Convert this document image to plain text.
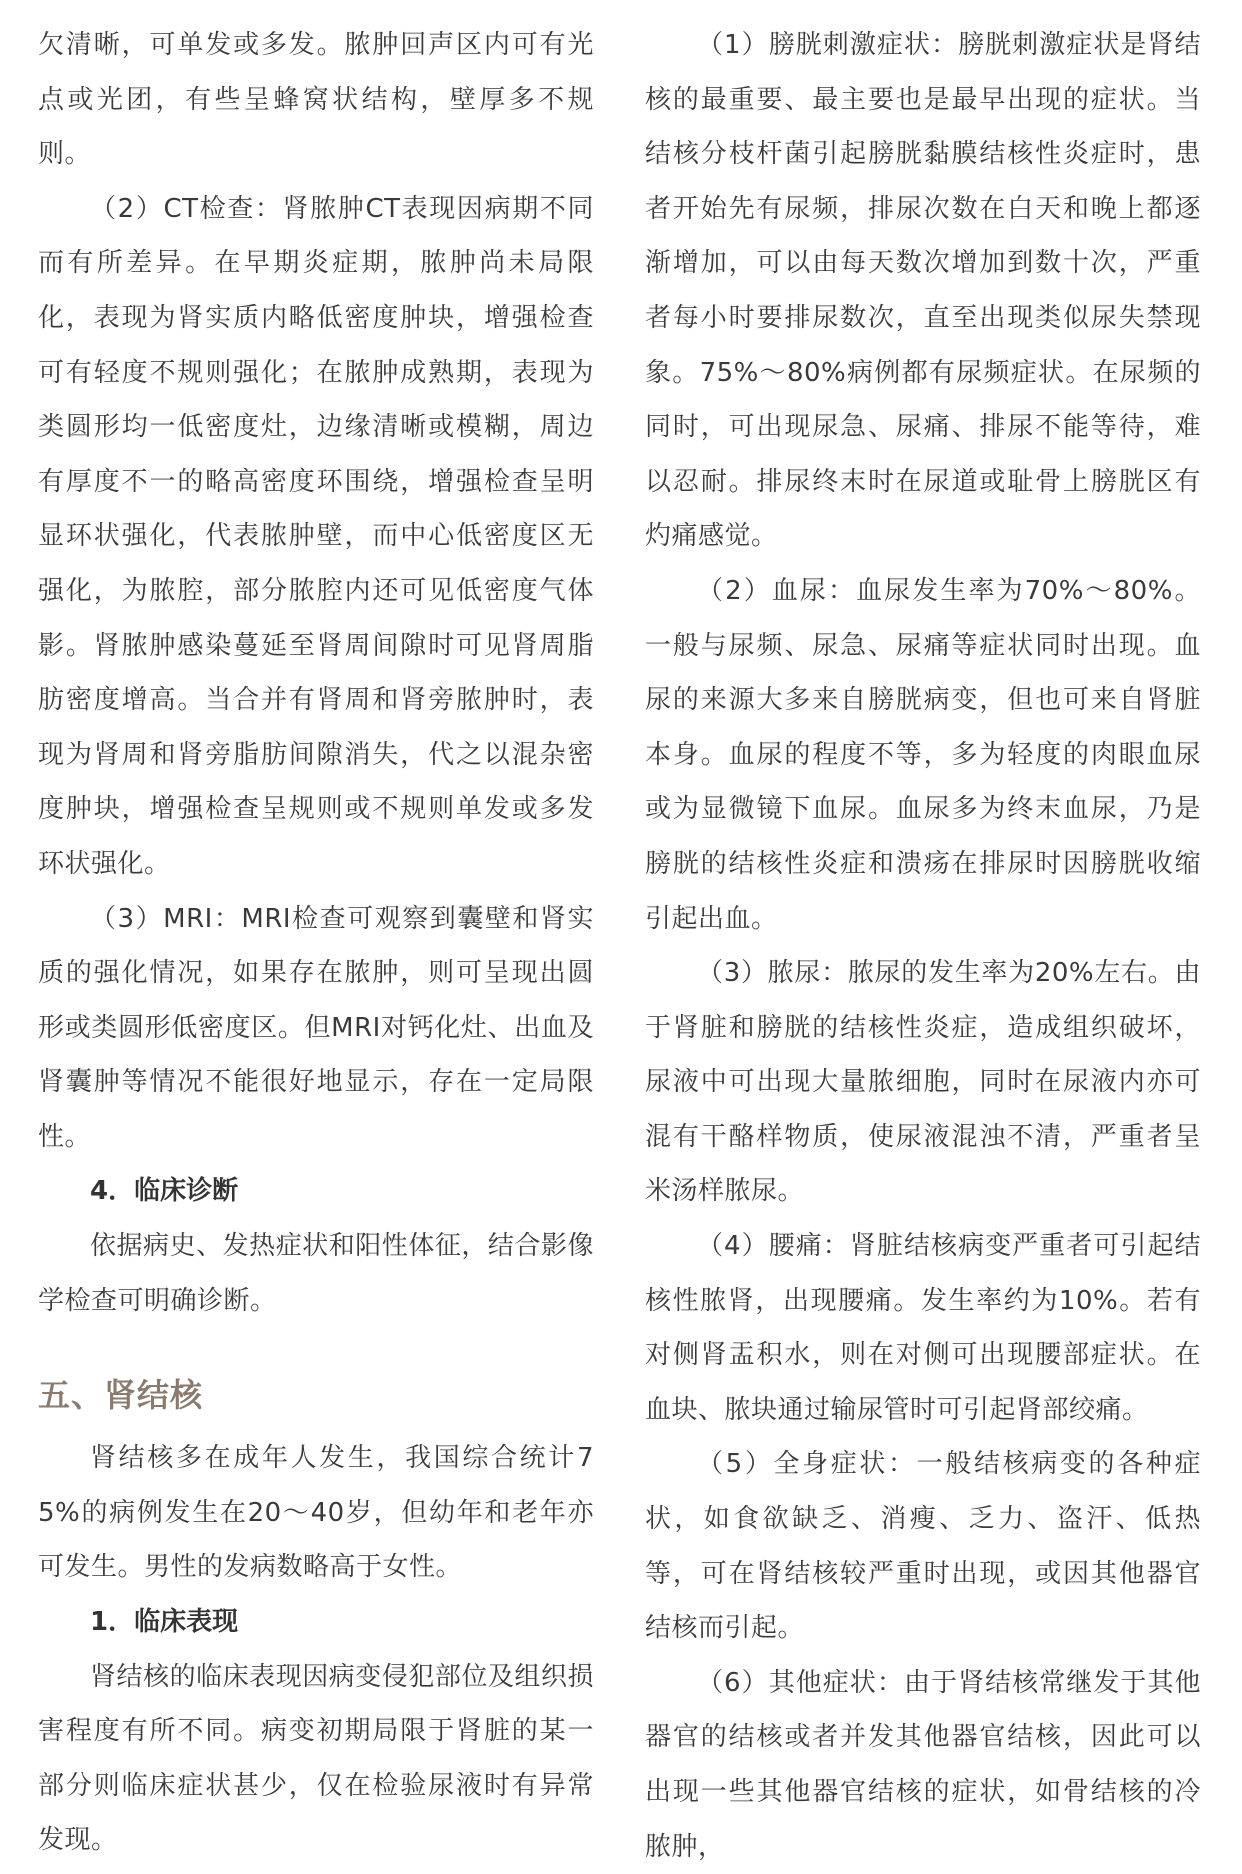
欠清晰，可单发或多发。脓肿回声区内可有光点或光团，有些呈蜂窝状结构，壁厚多不规则。

（2）CT检查：肾脓肿CT表现因病期不同而有所差异。在早期炎症期，脓肿尚未局限化，表现为肾实质内略低密度肿块，增强检查可有轻度不规则强化；在脓肿成熟期，表现为类圆形均一低密度灶，边缘清晰或模糊，周边有厚度不一的略高密度环围绕，增强检查呈明显环状强化，代表脓肿壁，而中心低密度区无强化，为脓腔，部分脓腔内还可见低密度气体影。肾脓肿感染蔓延至肾周间隙时可见肾周脂肪密度增高。当合并有肾周和肾旁脓肿时，表现为肾周和肾旁脂肪间隙消失，代之以混杂密度肿块，增强检查呈规则或不规则单发或多发环状强化。

（3）MRI：MRI检查可观察到囊壁和肾实质的强化情况，如果存在脓肿，则可呈现出圆形或类圆形低密度区。但MRI对钙化灶、出血及肾囊肿等情况不能很好地显示，存在一定局限性。

4．临床诊断

依据病史、发热症状和阳性体征，结合影像学检查可明确诊断。

五、肾结核

肾结核多在成年人发生，我国综合统计75%的病例发生在20～40岁，但幼年和老年亦可发生。男性的发病数略高于女性。

1．临床表现

肾结核的临床表现因病变侵犯部位及组织损害程度有所不同。病变初期局限于肾脏的某一部分则临床症状甚少，仅在检验尿液时有异常发现。

（1）膀胱刺激症状：膀胱刺激症状是肾结核的最重要、最主要也是最早出现的症状。当结核分枝杆菌引起膀胱黏膜结核性炎症时，患者开始先有尿频，排尿次数在白天和晚上都逐渐增加，可以由每天数次增加到数十次，严重者每小时要排尿数次，直至出现类似尿失禁现象。75%～80%病例都有尿频症状。在尿频的同时，可出现尿急、尿痛、排尿不能等待，难以忍耐。排尿终末时在尿道或耻骨上膀胱区有灼痛感觉。

（2）血尿：血尿发生率为70%～80%。一般与尿频、尿急、尿痛等症状同时出现。血尿的来源大多来自膀胱病变，但也可来自肾脏本身。血尿的程度不等，多为轻度的肉眼血尿或为显微镜下血尿。血尿多为终末血尿，乃是膀胱的结核性炎症和溃疡在排尿时因膀胱收缩引起出血。

（3）脓尿：脓尿的发生率为20%左右。由于肾脏和膀胱的结核性炎症，造成组织破坏，尿液中可出现大量脓细胞，同时在尿液内亦可混有干酪样物质，使尿液混浊不清，严重者呈米汤样脓尿。

（4）腰痛：肾脏结核病变严重者可引起结核性脓肾，出现腰痛。发生率约为10%。若有对侧肾盂积水，则在对侧可出现腰部症状。在血块、脓块通过输尿管时可引起肾部绞痛。

（5）全身症状：一般结核病变的各种症状，如食欲缺乏、消瘦、乏力、盗汗、低热等，可在肾结核较严重时出现，或因其他器官结核而引起。

（6）其他症状：由于肾结核常继发于其他器官的结核或者并发其他器官结核，因此可以出现一些其他器官结核的症状，如骨结核的冷脓肿，
